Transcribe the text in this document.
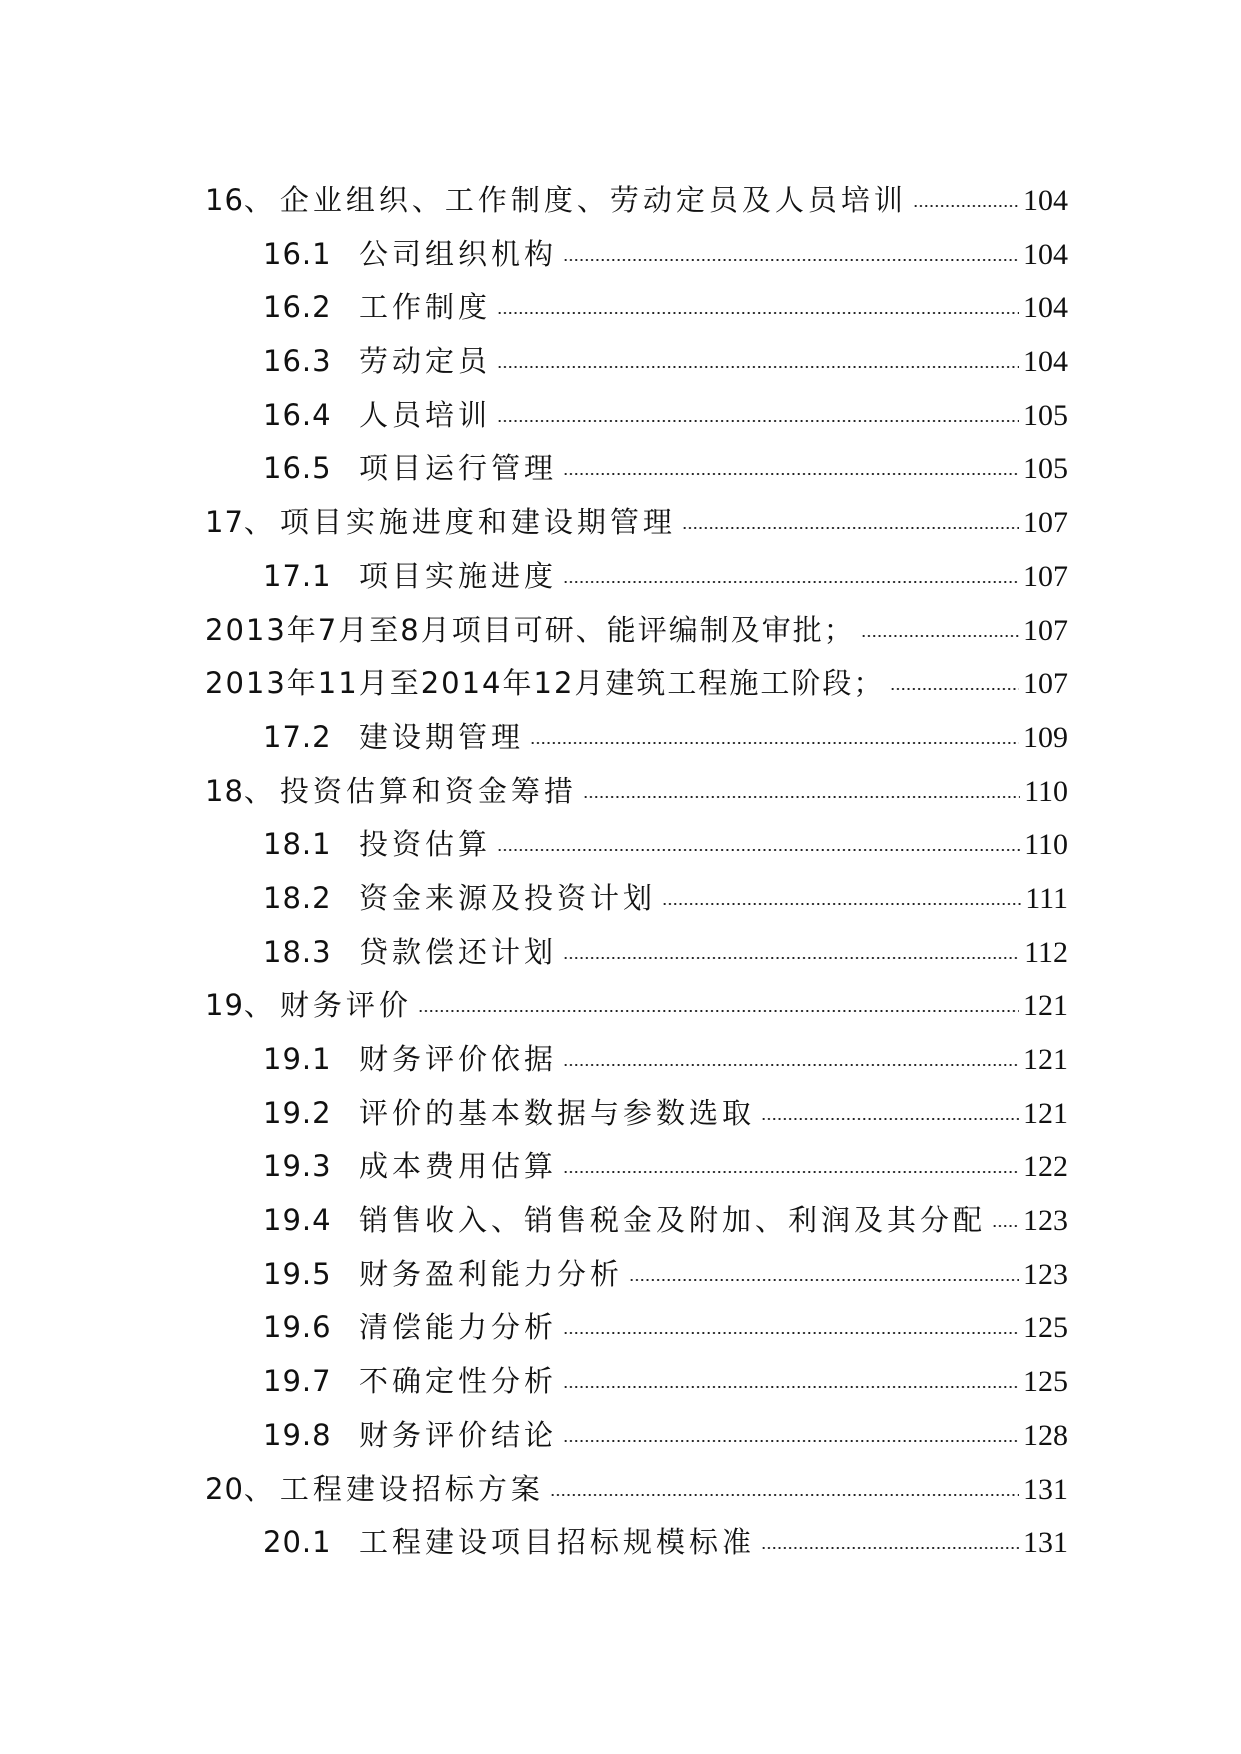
16、 企业组织、工作制度、劳动定员及人员培训	104
16.1 公司组织机构	104
16.2 工作制度	104
16.3 劳动定员	104
16.4 人员培训	105
16.5 项目运行管理	105
17、 项目实施进度和建设期管理	107
17.1 项目实施进度	107
2013年7月至8月项目可研、能评编制及审批；	107
2013年11月至2014年12月建筑工程施工阶段；	107
17.2 建设期管理	109
18、 投资估算和资金筹措	110
18.1 投资估算	110
18.2 资金来源及投资计划	111
18.3 贷款偿还计划	112
19、 财务评价	121
19.1 财务评价依据	121
19.2 评价的基本数据与参数选取	121
19.3 成本费用估算	122
19.4 销售收入、销售税金及附加、利润及其分配 123
19.5 财务盈利能力分析	123
19.6 清偿能力分析	125
19.7 不确定性分析	125
19.8 财务评价结论	128
20、 工程建设招标方案	131
20.1 工程建设项目招标规模标准	131
